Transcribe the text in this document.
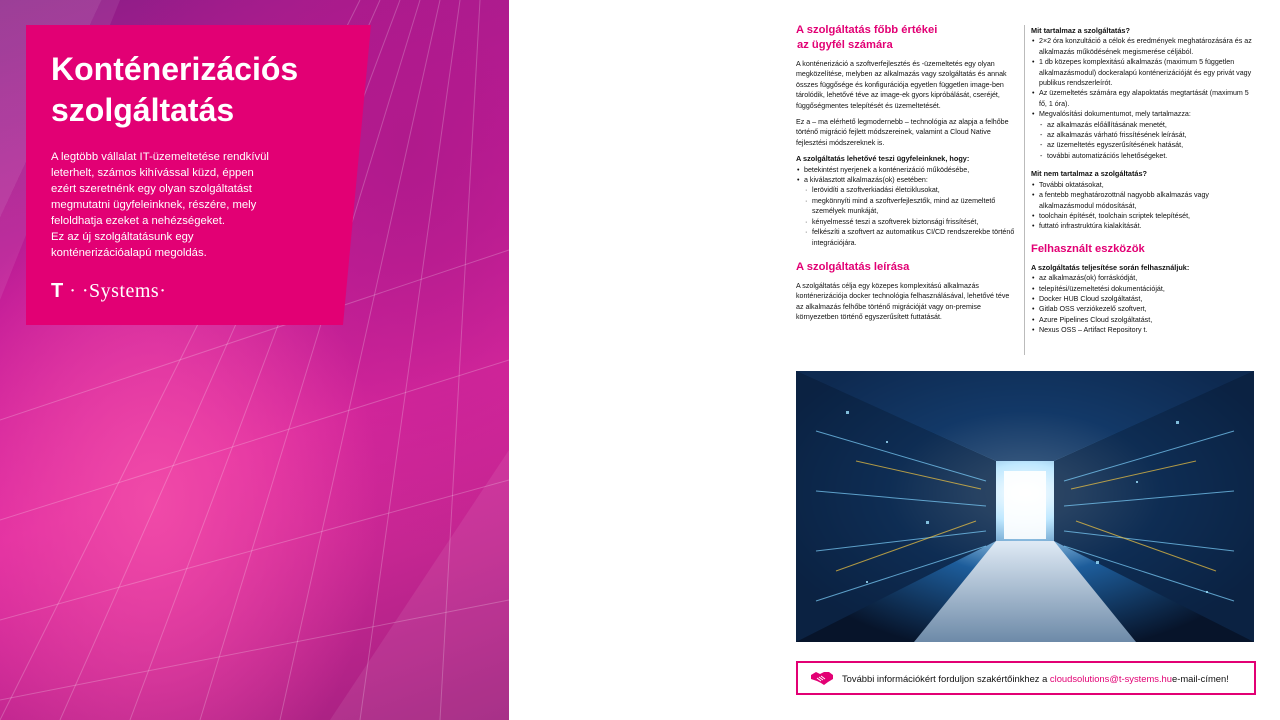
Konténerizációs
szolgáltatás
A legtöbb vállalat IT-üzemeltetése rendkívül
leterhelt, számos kihívással küzd, éppen
ezért szeretnénk egy olyan szolgáltatást
megmutatni ügyfeleinknek, részére, mely
feloldhatja ezeket a nehézségeket.
Ez az új szolgáltatásunk egy
konténerizációalapú megoldás.
T · ·Systems·
A szolgáltatás főbb értékei
az ügyfél számára

A konténerizáció a szoftverfejlesztés és -üzemeltetés egy olyan megközelítése, melyben az alkalmazás vagy szolgáltatás és annak összes függősége és konfigurációja egyetlen független image-ben tárolódik, lehetővé téve az image-ek gyors kipróbálását, cseréjét, függőségmentes telepítését és üzemeltetését.

Ez a – ma elérhető legmodernebb – technológia az alapja a felhőbe történő migráció fejlett módszereinek, valamint a Cloud Native fejlesztési módszereknek is.

A szolgáltatás lehetővé teszi ügyfeleinknek, hogy:
• betekintést nyerjenek a konténerizáció működésébe,
• a kiválasztott alkalmazás(ok) esetében:
· lerövidíti a szoftverkiadási életciklusokat,
· megkönnyíti mind a szoftverfejlesztők, mind az üzemeltető személyek munkáját,
· kényelmessé teszi a szoftverek biztonsági frissítését,
· felkészíti a szoftvert az automatikus CI/CD rendszerekbe történő integrációjára.
A szolgáltatás leírása

A szolgáltatás célja egy közepes komplexitású alkalmazás konténerizációja docker technológia felhasználásával, lehetővé téve az alkalmazás felhőbe történő migrációját vagy on-premise környezetben történő egyszerűsített futtatását.

Mit tartalmaz a szolgáltatás?
• 2×2 óra konzultáció a célok és eredmények meghatározására és az alkalmazás működésének megismerése céljából.
• 1 db közepes komplexitású alkalmazás (maximum 5 független alkalmazásmodul) dockeralapú konténerizációját és egy privát vagy publikus rendszerleírót.
• Az üzemeltetés számára egy alapoktatás megtartását (maximum 5 fő, 1 óra).
• Megvalósítási dokumentumot, mely tartalmazza:
- az alkalmazás előállításának menetét,
- az alkalmazás várható frissítésének leírását,
- az üzemeltetés egyszerűsítésének hatását,
- további automatizációs lehetőségeket.
Mit nem tartalmaz a szolgáltatás?
• További oktatásokat,
• a fentebb meghatározottnál nagyobb alkalmazás vagy alkalmazásmodul módosítását,
• toolchain építését, toolchain scriptek telepítését,
• futtató infrastruktúra kialakítását.
Felhasznált eszközök
A szolgáltatás teljesítése során felhasználjuk:
• az alkalmazás(ok) forráskódját,
• telepítési/üzemeltetési dokumentációját,
• Docker HUB Cloud szolgáltatást,
• Gitlab OSS verziókezelő szoftvert,
• Azure Pipelines Cloud szolgáltatást,
• Nexus OSS – Artifact Repository t.
További információkért forduljon szakértőinkhez a
cloudsolutions@t-systems.hu e-mail-címen!
